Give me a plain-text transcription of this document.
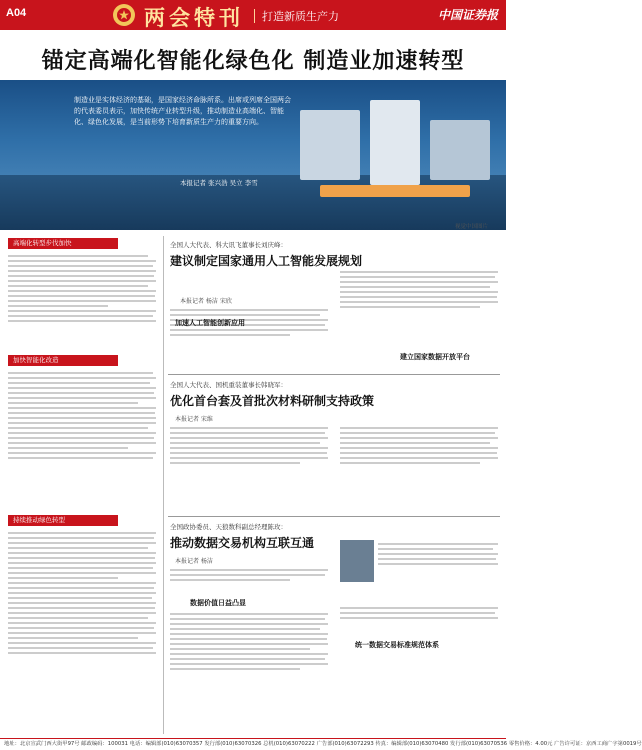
A04	两会特刊 打造新质生产力	中国证券报
锚定高端化智能化绿色化 制造业加速转型
制造业是实体经济的基础，是国家经济命脉所系。出席或列席全国两会的代表委员表示，加快传统产业转型升级，推动制造业高端化、智能化、绿色化发展，是当前形势下培育新质生产力的重要方向。
本报记者 张兴浩 吴立 李雪
视觉中国图片
高端化转型步伐加快
加快智能化改造
持续推动绿色转型
全国人大代表、科大讯飞董事长刘庆峰：
建议制定国家通用人工智能发展规划
本报记者 杨洁 宋欣
加速人工智能创新应用
建立国家数据开放平台
全国人大代表、国机重装董事长韩晓军：
优化首台套及首批次材料研制支持政策
本报记者 宋维
全国政协委员、天狼数科副总经理陈玫：
推动数据交易机构互联互通
本报记者 杨洁
数据价值日益凸显
统一数据交易标准规范体系
地址：北京宣武门西大街甲97号 邮政编码：100031 电话：编辑部(010)63070357 发行部(010)63070326 总机(010)63070222 广告部(010)63072293 传真：编辑部(010)63070480 发行部(010)63070536 零售价格：4.00元 广告许可证：京西工商广字第0019号
